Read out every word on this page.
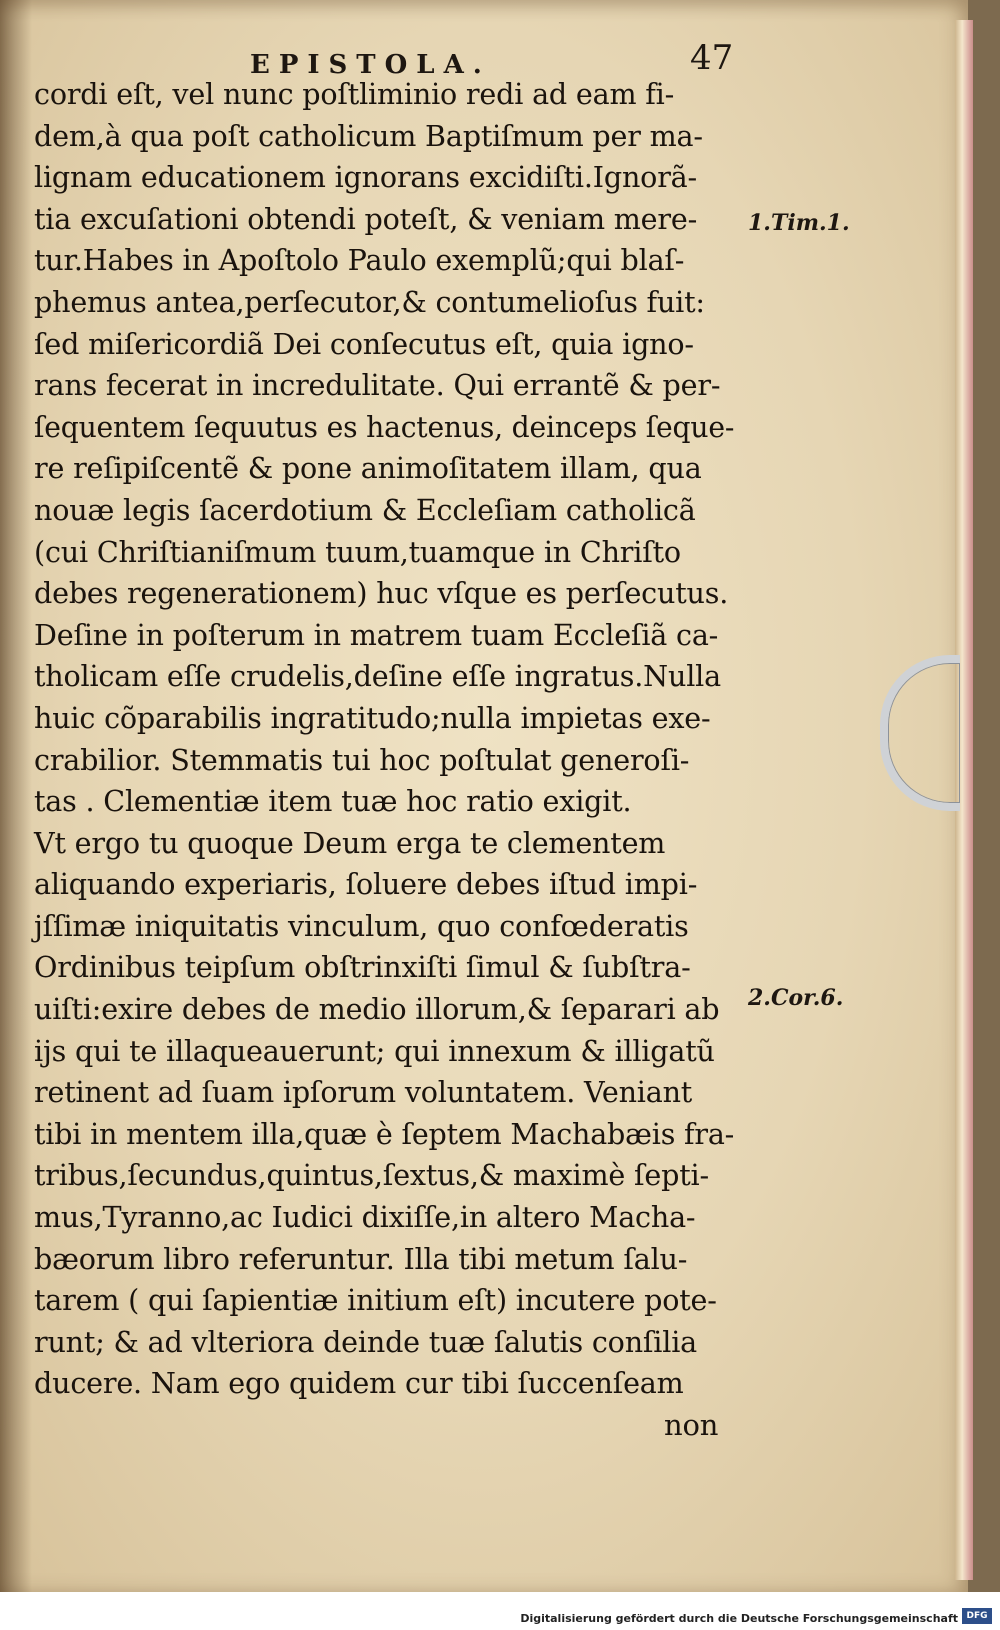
EPISTOLA.	47
cordi eſt, vel nunc poſtliminio redi ad eam fi-
dem,à qua poſt catholicum Baptiſmum per ma-
lignam educationem ignorans excidiſti.Ignorã-
tia excuſationi obtendi poteſt, & veniam mere-
tur.Habes in Apoſtolo Paulo exemplũ;qui blaſ-
phemus antea,perſecutor,& contumelioſus fuit:
ſed miſericordiã Dei conſecutus eſt, quia igno-
rans fecerat in incredulitate. Qui errantẽ & per-
ſequentem ſequutus es hactenus, deinceps ſeque-
re reſipiſcentẽ & pone animoſitatem illam, qua
nouæ legis ſacerdotium & Eccleſiam catholicã
(cui Chriſtianiſmum tuum,tuamque in Chriſto
debes regenerationem) huc vſque es perſecutus.
Deſine in poſterum in matrem tuam Eccleſiã ca-
tholicam eſſe crudelis,deſine eſſe ingratus.Nulla
huic cõparabilis ingratitudo;nulla impietas exe-
crabilior. Stemmatis tui hoc poſtulat generoſi-
tas . Clementiæ item tuæ hoc ratio exigit.
Vt ergo tu quoque Deum erga te clementem
aliquando experiaris, ſoluere debes iſtud impi-
jſſimæ iniquitatis vinculum, quo confœderatis
Ordinibus teipſum obſtrinxiſti ſimul & ſubſtra-
uiſti:exire debes de medio illorum,& ſeparari ab
ijs qui te illaqueauerunt; qui innexum & illigatũ
retinent ad ſuam ipſorum voluntatem. Veniant
tibi in mentem illa,quæ è ſeptem Machabæis fra-
tribus,ſecundus,quintus,ſextus,& maximè ſepti-
mus,Tyranno,ac Iudici dixiſſe,in altero Macha-
bæorum libro referuntur. Illa tibi metum ſalu-
tarem ( qui ſapientiæ initium eſt) incutere pote-
runt; & ad vlteriora deinde tuæ ſalutis conſilia
ducere. Nam ego quidem cur tibi ſuccenſeam
non
1.Tim.1.
2.Cor.6.
Digitalisierung gefördert durch die Deutsche Forschungsgemeinschaft DFG
